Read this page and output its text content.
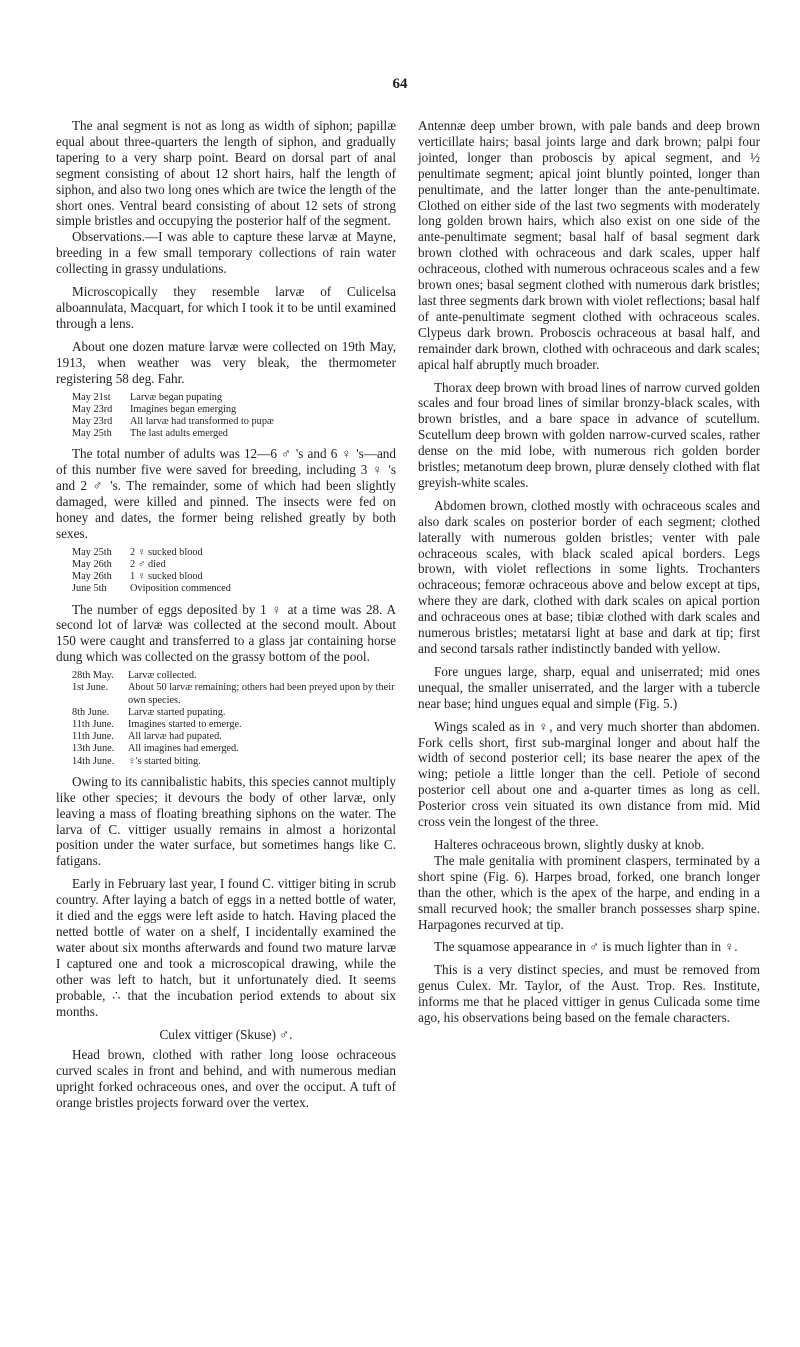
64

The anal segment is not as long as width of siphon; papillæ equal about three-quarters the length of siphon, and gradually tapering to a very sharp point. Beard on dorsal part of anal segment consisting of about 12 short hairs, half the length of siphon, and also two long ones which are twice the length of the short ones. Ventral beard consisting of about 12 sets of strong simple bristles and occupying the posterior half of the segment.

Observations.—I was able to capture these larvæ at Mayne, breeding in a few small temporary collections of rain water collecting in grassy undulations.

Microscopically they resemble larvæ of Culicelsa alboannulata, Macquart, for which I took it to be until examined through a lens.

About one dozen mature larvæ were collected on 19th May, 1913, when weather was very bleak, the thermometer registering 58 deg. Fahr.

May 21st	Larvæ began pupating
May 23rd	Imagines began emerging
May 23rd	All larvæ had transformed to pupæ
May 25th	The last adults emerged

The total number of adults was 12—6 ♂ 's and 6 ♀ 's—and of this number five were saved for breeding, including 3 ♀ 's and 2 ♂ 's. The remainder, some of which had been slightly damaged, were killed and pinned. The insects were fed on honey and dates, the former being relished greatly by both sexes.

May 25th	2 ♀ sucked blood
May 26th	2 ♂ died
May 26th	1 ♀ sucked blood
June 5th	Oviposition commenced

The number of eggs deposited by 1 ♀ at a time was 28. A second lot of larvæ was collected at the second moult. About 150 were caught and transferred to a glass jar containing horse dung which was collected on the grassy bottom of the pool.

28th May.	Larvæ collected.
1st June.	About 50 larvæ remaining; others had been preyed upon by their own species.
8th June.	Larvæ started pupating.
11th June.	Imagines started to emerge.
11th June.	All larvæ had pupated.
13th June.	All imagines had emerged.
14th June.	♀'s started biting.

Owing to its cannibalistic habits, this species cannot multiply like other species; it devours the body of other larvæ, only leaving a mass of floating breathing siphons on the water. The larva of C. vittiger usually remains in almost a horizontal position under the water surface, but sometimes hangs like C. fatigans.

Early in February last year, I found C. vittiger biting in scrub country. After laying a batch of eggs in a netted bottle of water, it died and the eggs were left aside to hatch. Having placed the netted bottle of water on a shelf, I incidentally examined the water about six months afterwards and found two mature larvæ I captured one and took a microscopical drawing, while the other was left to hatch, but it unfortunately died. It seems probable, ∴ that the incubation period extends to about six months.

Culex vittiger (Skuse) ♂.

Head brown, clothed with rather long loose ochraceous curved scales in front and behind, and with numerous median upright forked ochraceous ones, and over the occiput. A tuft of orange bristles projects forward over the vertex.

Antennæ deep umber brown, with pale bands and deep brown verticillate hairs; basal joints large and dark brown; palpi four jointed, longer than proboscis by apical segment, and ½ penultimate segment; apical joint bluntly pointed, longer than penultimate, and the latter longer than the ante-penultimate. Clothed on either side of the last two segments with moderately long golden brown hairs, which also exist on one side of the ante-penultimate segment; basal half of basal segment dark brown clothed with ochraceous and dark scales, upper half ochraceous, clothed with numerous ochraceous scales and a few brown ones; basal segment clothed with numerous dark bristles; last three segments dark brown with violet reflections; basal half of ante-penultimate segment clothed with ochraceous scales. Clypeus dark brown. Proboscis ochraceous at basal half, and remainder dark brown, clothed with ochraceous and dark scales; apical half abruptly much broader.

Thorax deep brown with broad lines of narrow curved golden scales and four broad lines of similar bronzy-black scales, with brown bristles, and a bare space in advance of scutellum. Scutellum deep brown with golden narrow-curved scales, rather dense on the mid lobe, with numerous rich golden border bristles; metanotum deep brown, pluræ densely clothed with flat greyish-white scales.

Abdomen brown, clothed mostly with ochraceous scales and also dark scales on posterior border of each segment; clothed laterally with numerous golden bristles; venter with pale ochraceous scales, with black scaled apical borders. Legs brown, with violet reflections in some lights. Trochanters ochraceous; femoræ ochraceous above and below except at tips, where they are dark, clothed with dark scales on apical portion and ochraceous ones at base; tibiæ clothed with dark scales and numerous bristles; metatarsi light at base and dark at tip; first and second tarsals rather indistinctly banded with yellow.

Fore ungues large, sharp, equal and uniserrated; mid ones unequal, the smaller uniserrated, and the larger with a tubercle near base; hind ungues equal and simple (Fig. 5.)

Wings scaled as in ♀, and very much shorter than abdomen. Fork cells short, first sub-marginal longer and about half the width of second posterior cell; its base nearer the apex of the wing; petiole a little longer than the cell. Petiole of second posterior cell about one and a-quarter times as long as cell. Posterior cross vein situated its own distance from mid. Mid cross vein the longest of the three.

Halteres ochraceous brown, slightly dusky at knob.

The male genitalia with prominent claspers, terminated by a short spine (Fig. 6). Harpes broad, forked, one branch longer than the other, which is the apex of the harpe, and ending in a small recurved hook; the smaller branch possesses sharp spine. Harpagones recurved at tip.

The squamose appearance in ♂ is much lighter than in ♀.

This is a very distinct species, and must be removed from genus Culex. Mr. Taylor, of the Aust. Trop. Res. Institute, informs me that he placed vittiger in genus Culicada some time ago, his observations being based on the female characters.
